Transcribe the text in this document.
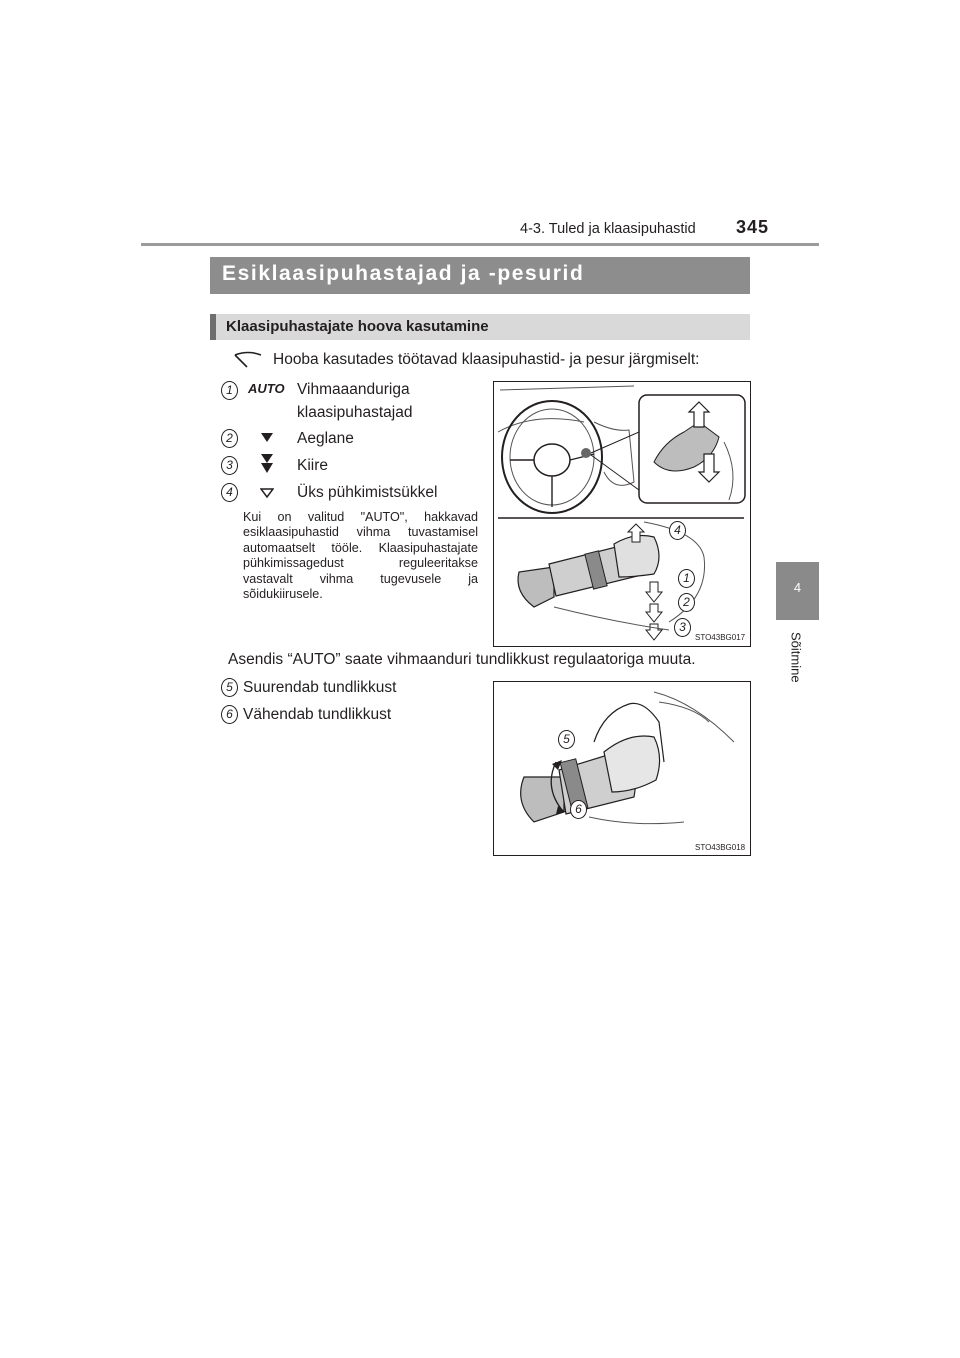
4-3. Tuled ja klaasipuhastid 345
4
Sõitmine
Esiklaasipuhastajad ja -pesurid
Klaasipuhastajate hoova kasutamine
Hooba kasutades töötavad klaasipuhastid- ja pesur järgmiselt:
1	AUTO Vihmaaanduriga
klaasipuhastajad
2	Aeglane
3	Kiire
4	Üks pühkimistsükkel
Kui on valitud "AUTO", hakkavad esiklaasipuhastid vihma tuvastamisel automaatselt tööle. Klaasipuhastajate pühkimissagedust reguleeritakse vastavalt vihma tugevusele ja sõidukiirusele.
4
1
2
3
STO43BG017
Asendis “AUTO” saate vihmaanduri tundlikkust regulaatoriga muuta.
5 Suurendab tundlikkust
6 Vähendab tundlikkust
5
6
STO43BG018
